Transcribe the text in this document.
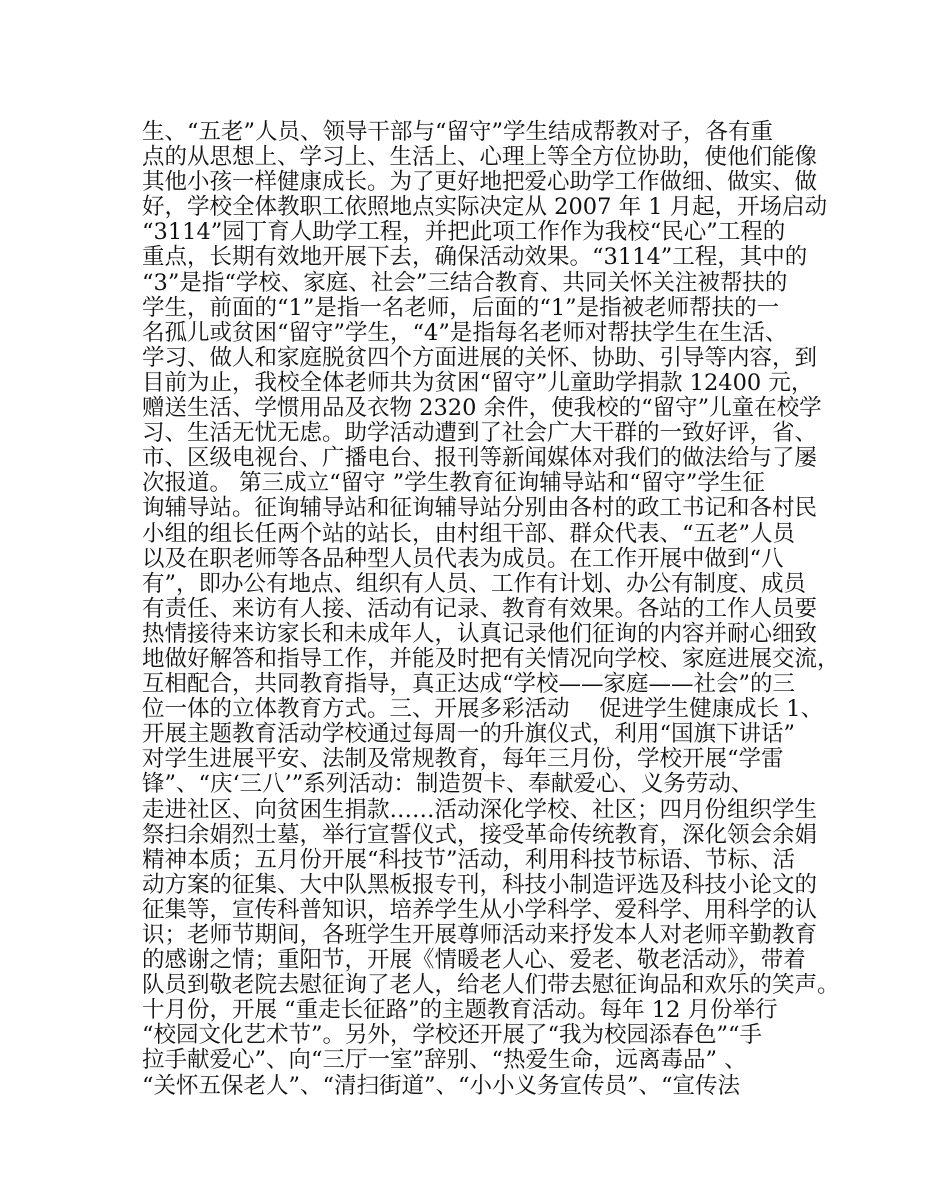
生、“五老”人员、领导干部与“留守”学生结成帮教对子，各有重
点的从思想上、学习上、生活上、心理上等全方位协助，使他们能像
其他小孩一样健康成长。为了更好地把爱心助学工作做细、做实、做
好，学校全体教职工依照地点实际决定从 2007 年 1 月起，开场启动
“3114”园丁育人助学工程，并把此项工作作为我校“民心”工程的
重点，长期有效地开展下去，确保活动效果。“3114”工程，其中的
“3”是指“学校、家庭、社会”三结合教育、共同关怀关注被帮扶的
学生，前面的“1”是指一名老师，后面的“1”是指被老师帮扶的一
名孤儿或贫困“留守”学生，“4”是指每名老师对帮扶学生在生活、
学习、做人和家庭脱贫四个方面进展的关怀、协助、引导等内容，到
目前为止，我校全体老师共为贫困“留守”儿童助学捐款 12400 元，
赠送生活、学惯用品及衣物 2320 余件，使我校的“留守”儿童在校学
习、生活无忧无虑。助学活动遭到了社会广大干群的一致好评，省、
市、区级电视台、广播电台、报刊等新闻媒体对我们的做法给与了屡
次报道。 第三成立“留守 ”学生教育征询辅导站和“留守”学生征
询辅导站。征询辅导站和征询辅导站分别由各村的政工书记和各村民
小组的组长任两个站的站长，由村组干部、群众代表、“五老”人员
以及在职老师等各品种型人员代表为成员。在工作开展中做到“八
有”，即办公有地点、组织有人员、工作有计划、办公有制度、成员
有责任、来访有人接、活动有记录、教育有效果。各站的工作人员要
热情接待来访家长和未成年人，认真记录他们征询的内容并耐心细致
地做好解答和指导工作，并能及时把有关情况向学校、家庭进展交流，
互相配合，共同教育指导，真正达成“学校——家庭——社会”的三
位一体的立体教育方式。三、开展多彩活动　 促进学生健康成长 1、
开展主题教育活动学校通过每周一的升旗仪式，利用“国旗下讲话”
对学生进展平安、法制及常规教育，每年三月份，学校开展“学雷
锋”、“庆‘三八’”系列活动：制造贺卡、奉献爱心、义务劳动、
走进社区、向贫困生捐款……活动深化学校、社区；四月份组织学生
祭扫余娟烈士墓，举行宣誓仪式，接受革命传统教育，深化领会余娟
精神本质；五月份开展“科技节”活动，利用科技节标语、节标、活
动方案的征集、大中队黑板报专刊，科技小制造评选及科技小论文的
征集等，宣传科普知识，培养学生从小学科学、爱科学、用科学的认
识；老师节期间，各班学生开展尊师活动来抒发本人对老师辛勤教育
的感谢之情；重阳节，开展《情暖老人心、爱老、敬老活动》，带着
队员到敬老院去慰征询了老人，给老人们带去慰征询品和欢乐的笑声。
十月份，开展 “重走长征路”的主题教育活动。每年 12 月份举行
“校园文化艺术节”。另外，学校还开展了“我为校园添春色”“手
拉手献爱心”、向“三厅一室”辞别、“热爱生命，远离毒品” 、
“关怀五保老人”、“清扫街道”、“小小义务宣传员”、“宣传法
